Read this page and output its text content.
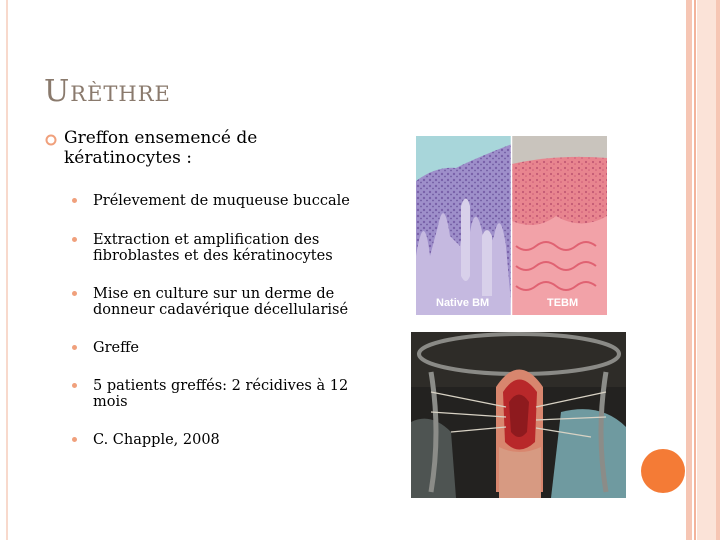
Urèthre
Greffon ensemencé de kératinocytes :
Prélevement de muqueuse buccale
Extraction et amplification des fibroblastes et des kératinocytes
Mise en culture sur un derme de donneur cadavérique décellularisé
Greffe
5 patients greffés: 2 récidives à 12 mois
C. Chapple, 2008
Native BM	TEBM
